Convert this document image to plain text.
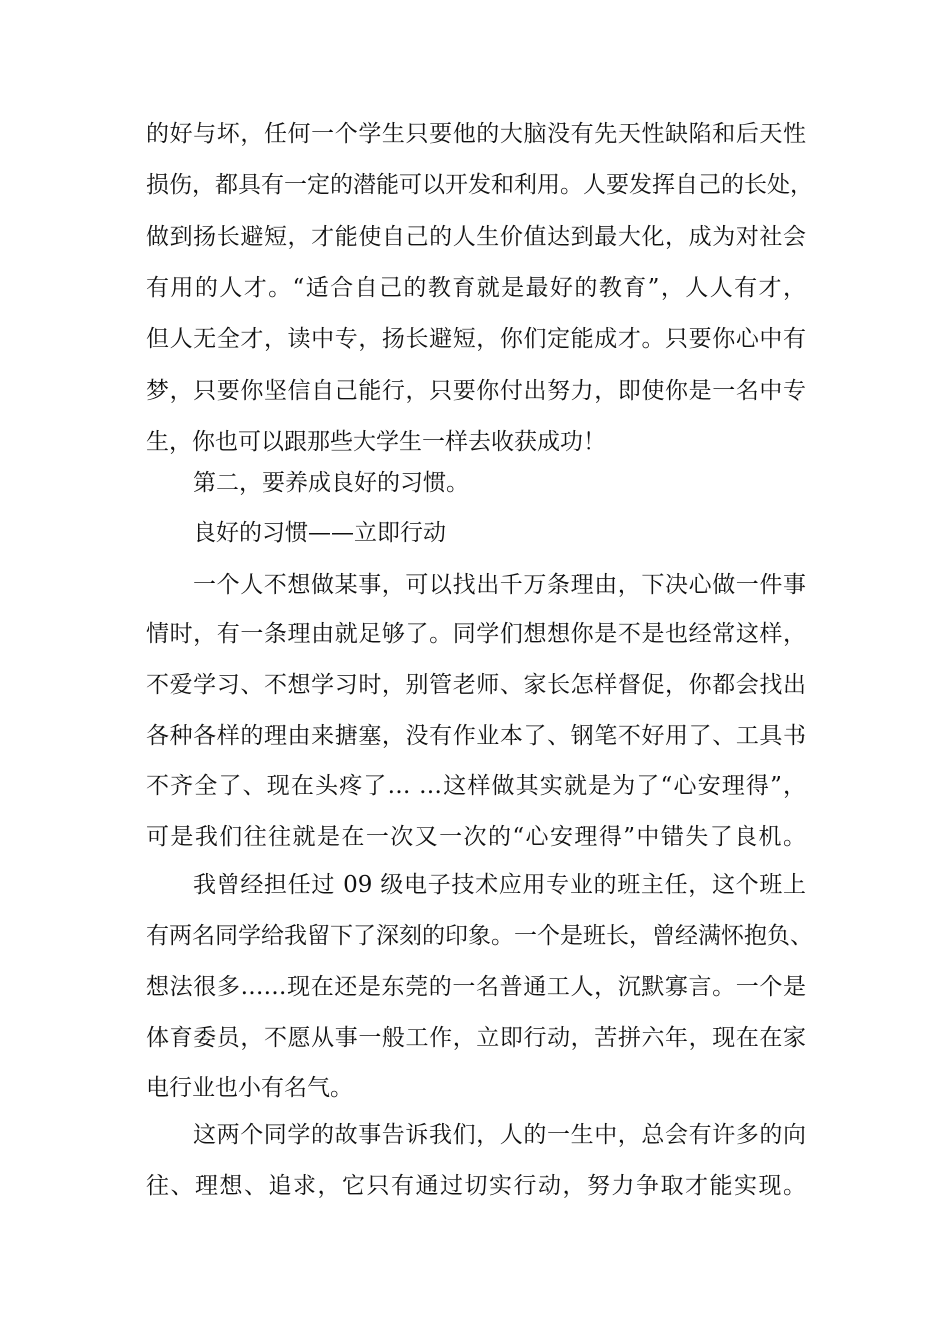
的好与坏，任何一个学生只要他的大脑没有先天性缺陷和后天性
损伤，都具有一定的潜能可以开发和利用。人要发挥自己的长处，
做到扬长避短，才能使自己的人生价值达到最大化，成为对社会
有用的人才。“适合自己的教育就是最好的教育”，人人有才，
但人无全才，读中专，扬长避短，你们定能成才。只要你心中有
梦，只要你坚信自己能行，只要你付出努力，即使你是一名中专
生，你也可以跟那些大学生一样去收获成功！
第二，要养成良好的习惯。
良好的习惯——立即行动
一个人不想做某事，可以找出千万条理由，下决心做一件事
情时，有一条理由就足够了。同学们想想你是不是也经常这样，
不爱学习、不想学习时，别管老师、家长怎样督促，你都会找出
各种各样的理由来搪塞，没有作业本了、钢笔不好用了、工具书
不齐全了、现在头疼了… …这样做其实就是为了“心安理得”，
可是我们往往就是在一次又一次的“心安理得”中错失了良机。
我曾经担任过 09 级电子技术应用专业的班主任，这个班上
有两名同学给我留下了深刻的印象。一个是班长，曾经满怀抱负、
想法很多……现在还是东莞的一名普通工人，沉默寡言。一个是
体育委员，不愿从事一般工作，立即行动，苦拼六年，现在在家
电行业也小有名气。
这两个同学的故事告诉我们，人的一生中，总会有许多的向
往、理想、追求，它只有通过切实行动，努力争取才能实现。
